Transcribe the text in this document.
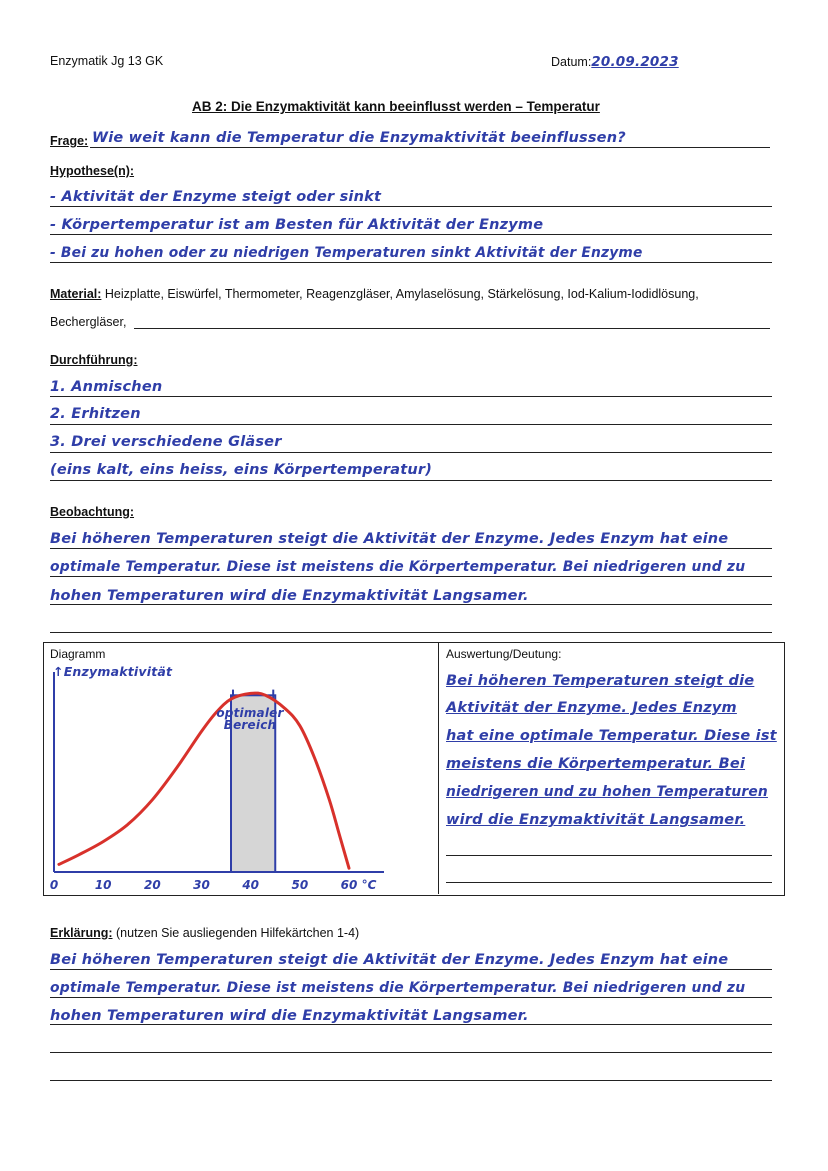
Enzymatik Jg 13 GK	Datum:20.09.2023
AB 2: Die Enzymaktivität kann beeinflusst werden – Temperatur
Frage: Wie weit kann die Temperatur die Enzymaktivität beeinflussen?
Hypothese(n):
- Aktivität der Enzyme steigt oder sinkt
- Körpertemperatur ist am Besten für Aktivität der Enzyme
- Bei zu hohen oder zu niedrigen Temperaturen sinkt Aktivität der Enzyme
Material: Heizplatte, Eiswürfel, Thermometer, Reagenzgläser, Amylaselösung, Stärkelösung, Iod-Kalium-Iodidlösung,
Bechergläser,
Durchführung:
1. Anmischen
2. Erhitzen
3. Drei verschiedene Gläser
(eins kalt, eins heiss, eins Körpertemperatur)
Beobachtung:
Bei höheren Temperaturen steigt die Aktivität der Enzyme. Jedes Enzym hat eine
optimale Temperatur. Diese ist meistens die Körpertemperatur. Bei niedrigeren und zu
hohen Temperaturen wird die Enzymaktivität Langsamer.
Diagramm
0	10	20	30	40	50	60 °C
↑Enzymaktivität
optimaler
Bereich
Auswertung/Deutung:
Bei höheren Temperaturen steigt die
Aktivität der Enzyme. Jedes Enzym
hat eine optimale Temperatur. Diese ist
meistens die Körpertemperatur. Bei
niedrigeren und zu hohen Temperaturen
wird die Enzymaktivität Langsamer.
Erklärung: (nutzen Sie ausliegenden Hilfekärtchen 1-4)
Bei höheren Temperaturen steigt die Aktivität der Enzyme. Jedes Enzym hat eine
optimale Temperatur. Diese ist meistens die Körpertemperatur. Bei niedrigeren und zu
hohen Temperaturen wird die Enzymaktivität Langsamer.
